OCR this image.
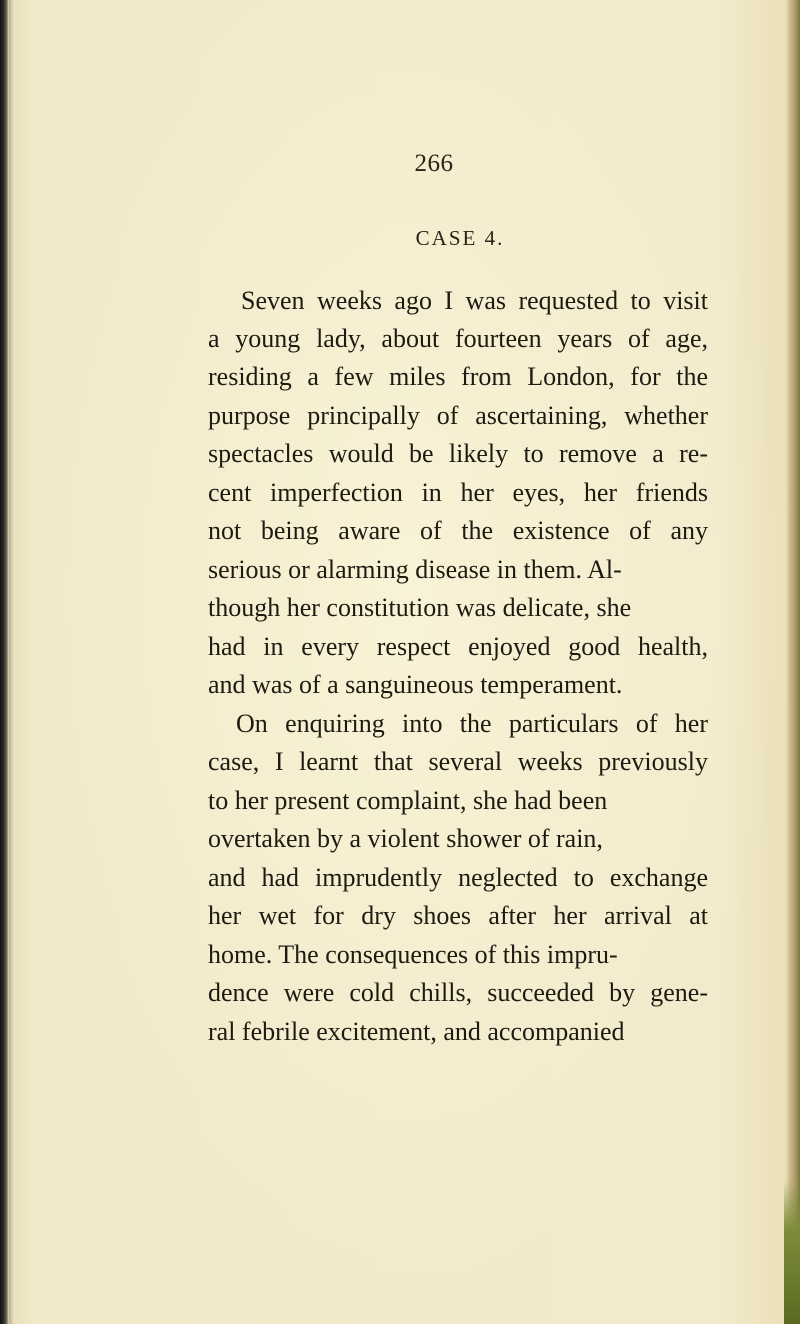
266
CASE 4.
Seven weeks ago I was requested to visit
a young lady, about fourteen years of age,
residing a few miles from London, for the
purpose principally of ascertaining, whether
spectacles would be likely to remove a re-
cent imperfection in her eyes, her friends
not being aware of the existence of any
serious or alarming disease in them. Al-
though her constitution was delicate, she
had in every respect enjoyed good health,
and was of a sanguineous temperament.
On enquiring into the particulars of her
case, I learnt that several weeks previously
to her present complaint, she had been
overtaken by a violent shower of rain,
and had imprudently neglected to exchange
her wet for dry shoes after her arrival at
home. The consequences of this impru-
dence were cold chills, succeeded by gene-
ral febrile excitement, and accompanied
